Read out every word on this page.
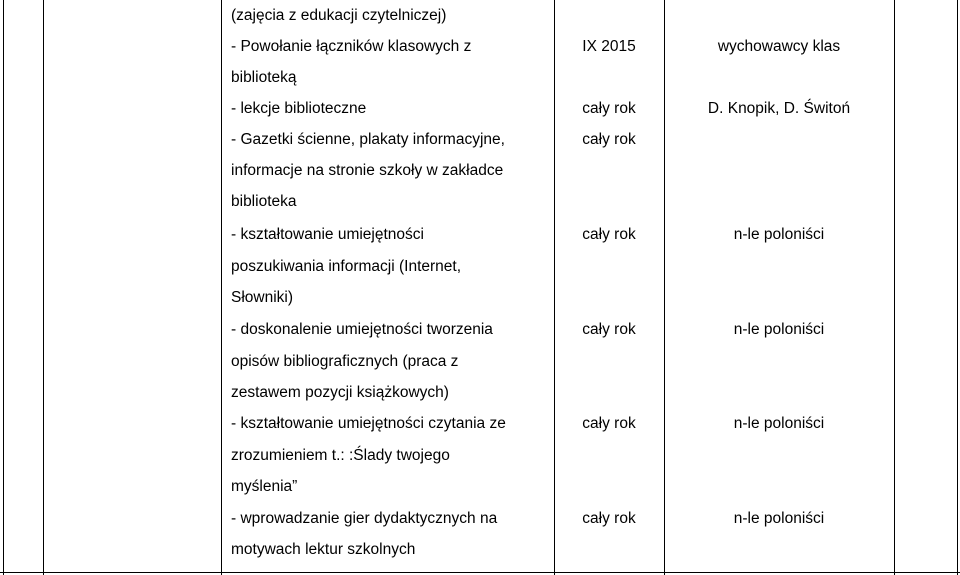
(zajęcia z edukacji czytelniczej)
- Powołanie łączników klasowych z	IX 2015	wychowawcy klas
biblioteką
- lekcje biblioteczne	cały rok	D. Knopik, D. Świtoń
- Gazetki ścienne, plakaty informacyjne,	cały rok
informacje na stronie szkoły w zakładce
biblioteka
- kształtowanie umiejętności	cały rok	n-le poloniści
poszukiwania informacji (Internet,
Słowniki)
- doskonalenie umiejętności tworzenia	cały rok	n-le poloniści
opisów bibliograficznych (praca z
zestawem pozycji książkowych)
- kształtowanie umiejętności czytania ze	cały rok	n-le poloniści
zrozumieniem t.: :Ślady twojego
myślenia”
- wprowadzanie gier dydaktycznych na	cały rok	n-le poloniści
motywach lektur szkolnych
